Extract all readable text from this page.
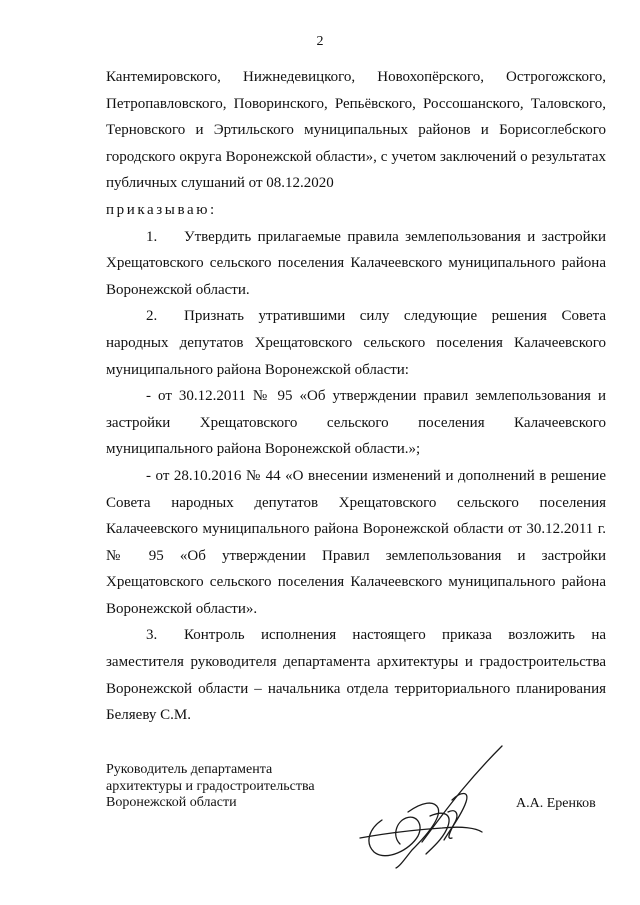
2

Кантемировского, Нижнедевицкого, Новохопёрского, Острогожского, Петропавловского, Поворинского, Репьёвского, Россошанского, Таловского, Терновского и Эртильского муниципальных районов и Борисоглебского городского округа Воронежской области», с учетом заключений о результатах публичных слушаний от 08.12.2020

приказываю:

1. Утвердить прилагаемые правила землепользования и застройки Хрещатовского сельского поселения Калачеевского муниципального района Воронежской области.

2. Признать утратившими силу следующие решения Совета народных депутатов Хрещатовского сельского поселения Калачеевского муниципального района Воронежской области:

- от 30.12.2011 № 95 «Об утверждении правил землепользования и застройки Хрещатовского сельского поселения Калачеевского муниципального района Воронежской области.»;

- от 28.10.2016 № 44 «О внесении изменений и дополнений в решение Совета народных депутатов Хрещатовского сельского поселения Калачеевского муниципального района Воронежской области от 30.12.2011 г. № 95 «Об утверждении Правил землепользования и застройки Хрещатовского сельского поселения Калачеевского муниципального района Воронежской области».

3. Контроль исполнения настоящего приказа возложить на заместителя руководителя департамента архитектуры и градостроительства Воронежской области – начальника отдела территориального планирования Беляеву С.М.

Руководитель департамента
архитектуры и градостроительства
Воронежской области	А.А. Еренков
